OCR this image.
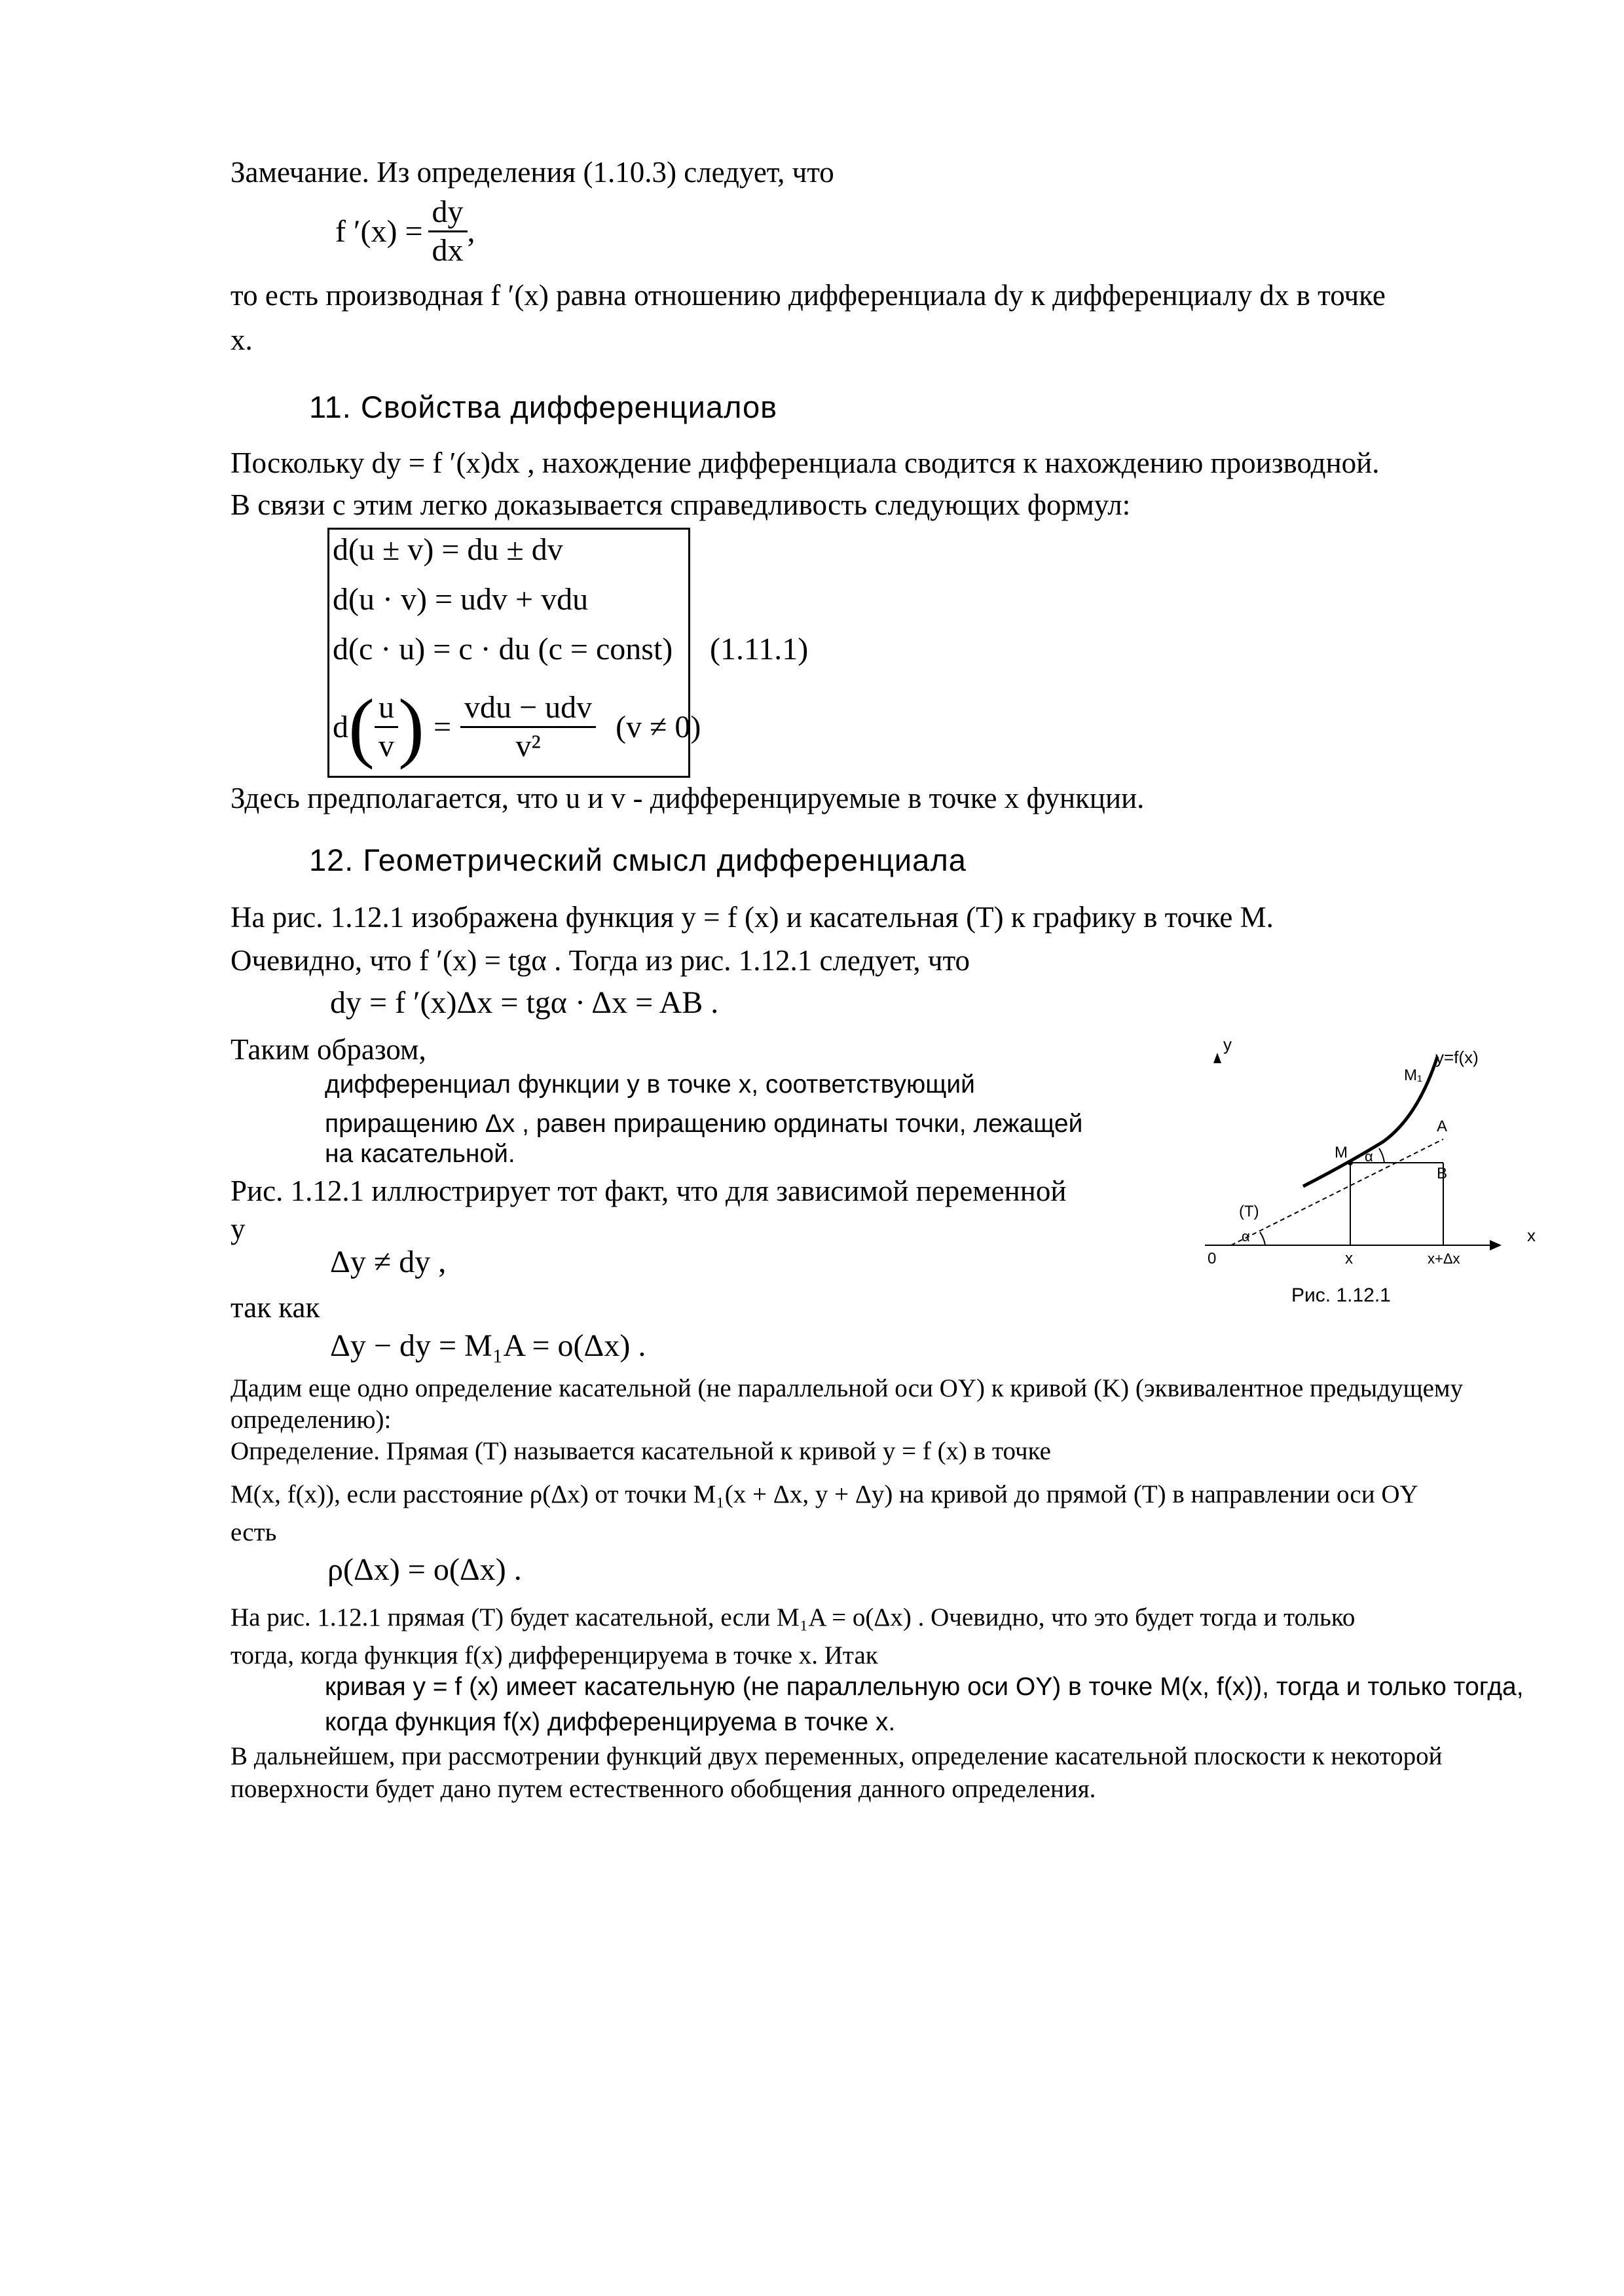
Замечание. Из определения (1.10.3) следует, что
f $'(x) = \frac{dy}{dx}$ ,
то есть производная f ′(x) равна отношению дифференциала dy к дифференциалу dx в точке
x.
11. Свойства дифференциалов
Поскольку dy = f ′(x)dx , нахождение дифференциала сводится к нахождению производной.
В связи с этим легко доказывается справедливость следующих формул:
d(u ± v) = du ± dv
d(u · v) = udv + vdu
d(c · u) = c · du (c = const)
d ( $\frac{u}{v}$ ) = $\frac{\text{vdu − udv}}{\text{v²}} (v \ne 0)$
(1.11.1)
Здесь предполагается, что u и v - дифференцируемые в точке x функции.
12. Геометрический смысл дифференциала
На рис. 1.12.1 изображена функция y = f (x) и касательная (T) к графику в точке M.
Очевидно, что f ′(x) = tgα . Тогда из рис. 1.12.1 следует, что
dy = f ′(x)Δx = tgα · Δx = AB .
Таким образом,
дифференциал функции y в точке x, соответствующий
приращению Δx , равен приращению ординаты точки, лежащей
на касательной.
Рис. 1.12.1 иллюстрирует тот факт, что для зависимой переменной
y
Δy ≠ dy ,
так как
Δy − dy = M₁A = o(Δx) .
Дадим еще одно определение касательной (не параллельной оси OY) к кривой (K) (эквивалентное предыдущему
определению):
Определение. Прямая (T) называется касательной к кривой y = f (x) в точке
M(x, f(x)), если расстояние ρ(Δx) от точки M₁(x + Δx, y + Δy) на кривой до прямой (T) в направлении оси OY
есть
ρ(Δx) = o(Δx) .
На рис. 1.12.1 прямая (T) будет касательной, если M₁A = o(Δx) . Очевидно, что это будет тогда и только
тогда, когда функция f(x) дифференцируема в точке x. Итак
кривая y = f (x) имеет касательную (не параллельную оси OY) в точке M(x, f(x)), тогда и только тогда,
когда функция f(x) дифференцируема в точке x.
В дальнейшем, при рассмотрении функций двух переменных, определение касательной плоскости к некоторой
поверхности будет дано путем естественного обобщения данного определения.
y
x
0
y=f(x)
M₁
A
B
M
(T)
α
α
x	x+Δx
Рис. 1.12.1
